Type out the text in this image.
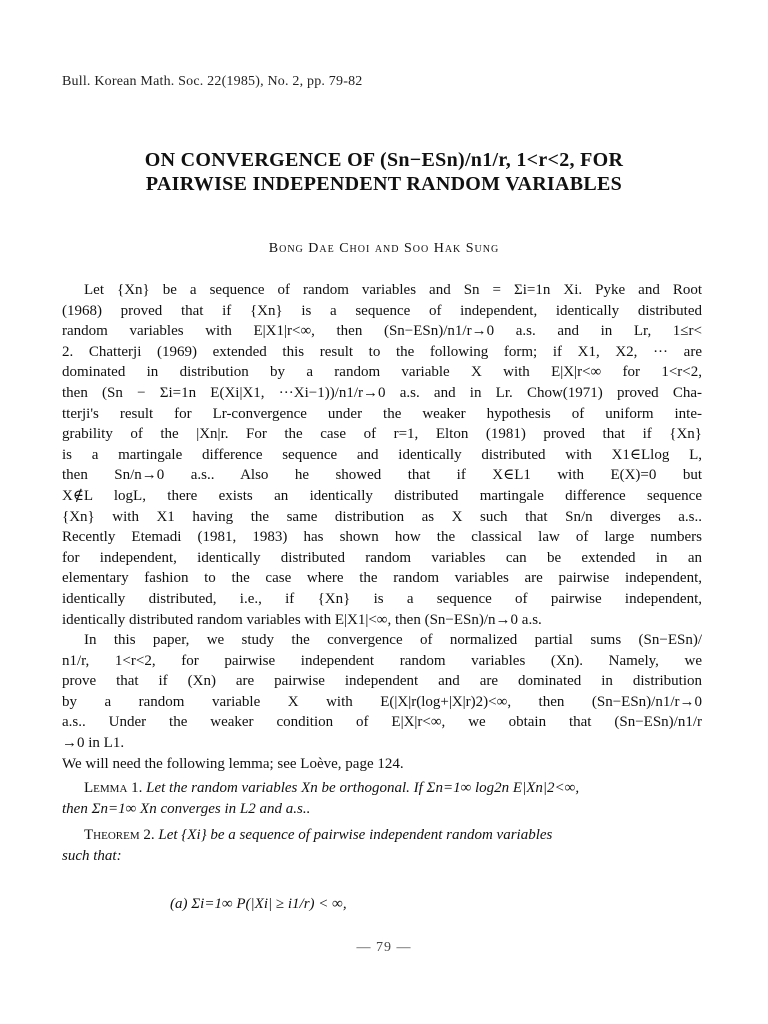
Bull. Korean Math. Soc. 22(1985), No. 2, pp. 79-82
ON CONVERGENCE OF (Sn−ESn)/n1/r, 1<r<2, FOR
PAIRWISE INDEPENDENT RANDOM VARIABLES
Bong Dae Choi and Soo Hak Sung
Let {Xn} be a sequence of random variables and Sn = Σi=1n Xi. Pyke and Root
(1968) proved that if {Xn} is a sequence of independent, identically distributed
random variables with E|X1|r<∞, then (Sn−ESn)/n1/r→0 a.s. and in Lr, 1≤r<
2. Chatterji (1969) extended this result to the following form; if X1, X2, ··· are
dominated in distribution by a random variable X with E|X|r<∞ for 1<r<2,
then (Sn − Σi=1n E(Xi|X1, ···Xi−1))/n1/r→0 a.s. and in Lr. Chow(1971) proved Cha-
tterji's result for Lr-convergence under the weaker hypothesis of uniform inte-
grability of the |Xn|r. For the case of r=1, Elton (1981) proved that if {Xn}
is a martingale difference sequence and identically distributed with X1∈Llog L,
then Sn/n→0 a.s.. Also he showed that if X∈L1 with E(X)=0 but
X∉L logL, there exists an identically distributed martingale difference sequence
{Xn} with X1 having the same distribution as X such that Sn/n diverges a.s..
Recently Etemadi (1981, 1983) has shown how the classical law of large numbers
for independent, identically distributed random variables can be extended in an
elementary fashion to the case where the random variables are pairwise independent,
identically distributed, i.e., if {Xn} is a sequence of pairwise independent,
identically distributed random variables with E|X1|<∞, then (Sn−ESn)/n→0 a.s.
In this paper, we study the convergence of normalized partial sums (Sn−ESn)/
n1/r, 1<r<2, for pairwise independent random variables (Xn). Namely, we
prove that if (Xn) are pairwise independent and are dominated in distribution
by a random variable X with E(|X|r(log+|X|r)2)<∞, then (Sn−ESn)/n1/r→0
a.s.. Under the weaker condition of E|X|r<∞, we obtain that (Sn−ESn)/n1/r
→0 in L1.
We will need the following lemma; see Loève, page 124.
Lemma 1. Let the random variables Xn be orthogonal. If Σn=1∞ log2n E|Xn|2<∞,
then Σn=1∞ Xn converges in L2 and a.s..
Theorem 2. Let {Xi} be a sequence of pairwise independent random variables
such that:
(a) Σi=1∞ P(|Xi| ≥ i1/r) < ∞,
— 79 —
